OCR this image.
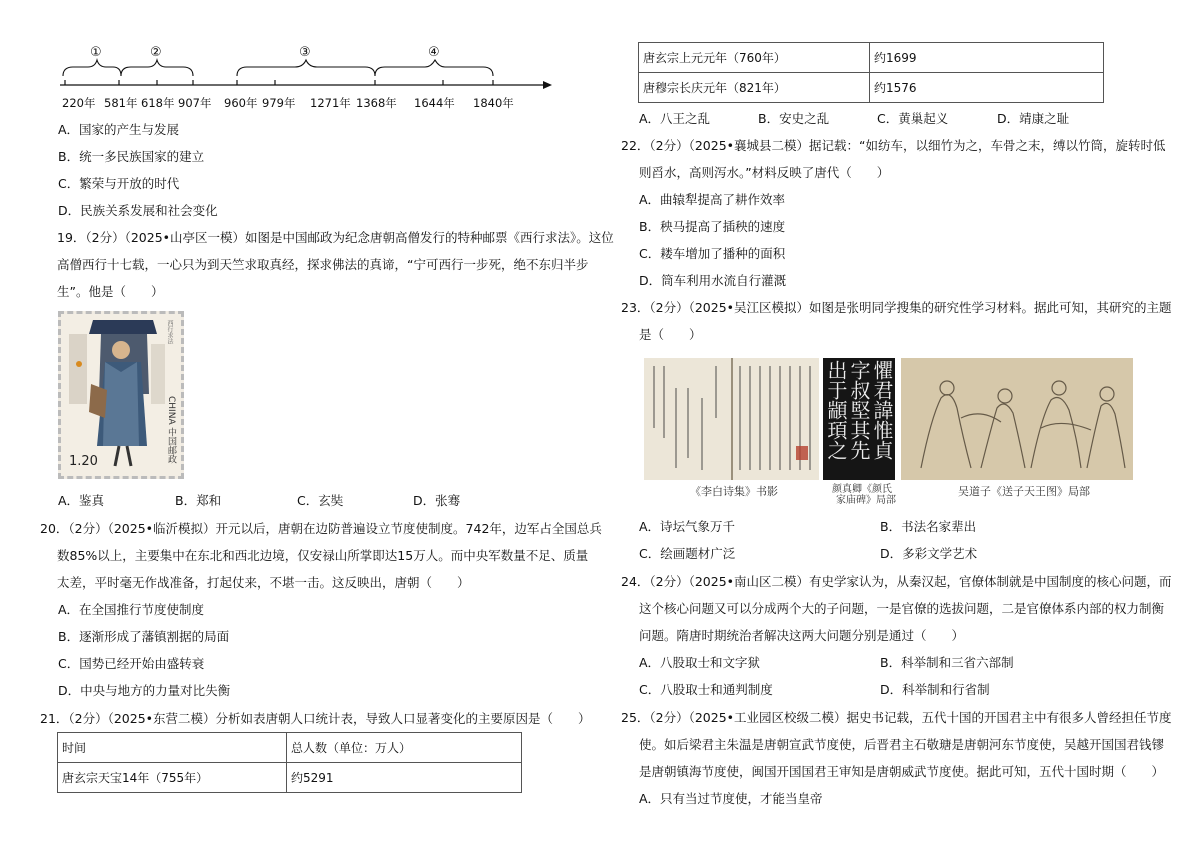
①	②	③	④
220年 581年 618年 907年 960年 979年 1271年 1368年 1644年 1840年
A．国家的产生与发展
B．统一多民族国家的建立
C．繁荣与开放的时代
D．民族关系发展和社会变化
19．（2分）（2025•山亭区一模）如图是中国邮政为纪念唐朝高僧发行的特种邮票《西行求法》。这位
高僧西行十七载，一心只为到天竺求取真经，探求佛法的真谛，“宁可西行一步死，绝不东归半步
生”。他是（　　）
西行求法
CHINA 中国邮政
1.20
A．鉴真	B．郑和	C．玄奘	D．张骞
20．（2分）（2025•临沂模拟）开元以后，唐朝在边防普遍设立节度使制度。742年，边军占全国总兵
数85%以上，主要集中在东北和西北边境，仅安禄山所掌即达15万人。而中央军数量不足、质量
太差，平时毫无作战准备，打起仗来，不堪一击。这反映出，唐朝（　　）
A．在全国推行节度使制度
B．逐渐形成了藩镇割据的局面
C．国势已经开始由盛转衰
D．中央与地方的力量对比失衡
21．（2分）（2025•东营二模）分析如表唐朝人口统计表，导致人口显著变化的主要原因是（　　）
时间	总人数（单位：万人）
唐玄宗天宝14年（755年）	约5291
唐玄宗上元元年（760年）	约1699
唐穆宗长庆元年（821年）	约1576
A．八王之乱	B．安史之乱	C．黄巢起义	D．靖康之耻
22．（2分）（2025•襄城县二模）据记载：“如纺车，以细竹为之，车骨之末，缚以竹筒，旋转时低
则舀水，高则泻水。”材料反映了唐代（　　）
A．曲辕犁提高了耕作效率
B．秧马提高了插秧的速度
C．耧车增加了播种的面积
D．筒车利用水流自行灌溉
23．（2分）（2025•吴江区模拟）如图是张明同学搜集的研究性学习材料。据此可知，其研究的主题
是（　　）
懼君諱惟貞
字叔堅其先
出于顓頊之
《李白诗集》书影	颜真卿《颜氏
家庙碑》局部
吴道子《送子天王图》局部
A．诗坛气象万千	B．书法名家辈出
C．绘画题材广泛	D．多彩文学艺术
24．（2分）（2025•南山区二模）有史学家认为，从秦汉起，官僚体制就是中国制度的核心问题，而
这个核心问题又可以分成两个大的子问题，一是官僚的选拔问题，二是官僚体系内部的权力制衡
问题。隋唐时期统治者解决这两大问题分别是通过（　　）
A．八股取士和文字狱	B．科举制和三省六部制
C．八股取士和通判制度	D．科举制和行省制
25．（2分）（2025•工业园区校级二模）据史书记载，五代十国的开国君主中有很多人曾经担任节度
使。如后梁君主朱温是唐朝宣武节度使，后晋君主石敬瑭是唐朝河东节度使，吴越开国国君钱镠
是唐朝镇海节度使，闽国开国国君王审知是唐朝威武节度使。据此可知，五代十国时期（　　）
A．只有当过节度使，才能当皇帝
